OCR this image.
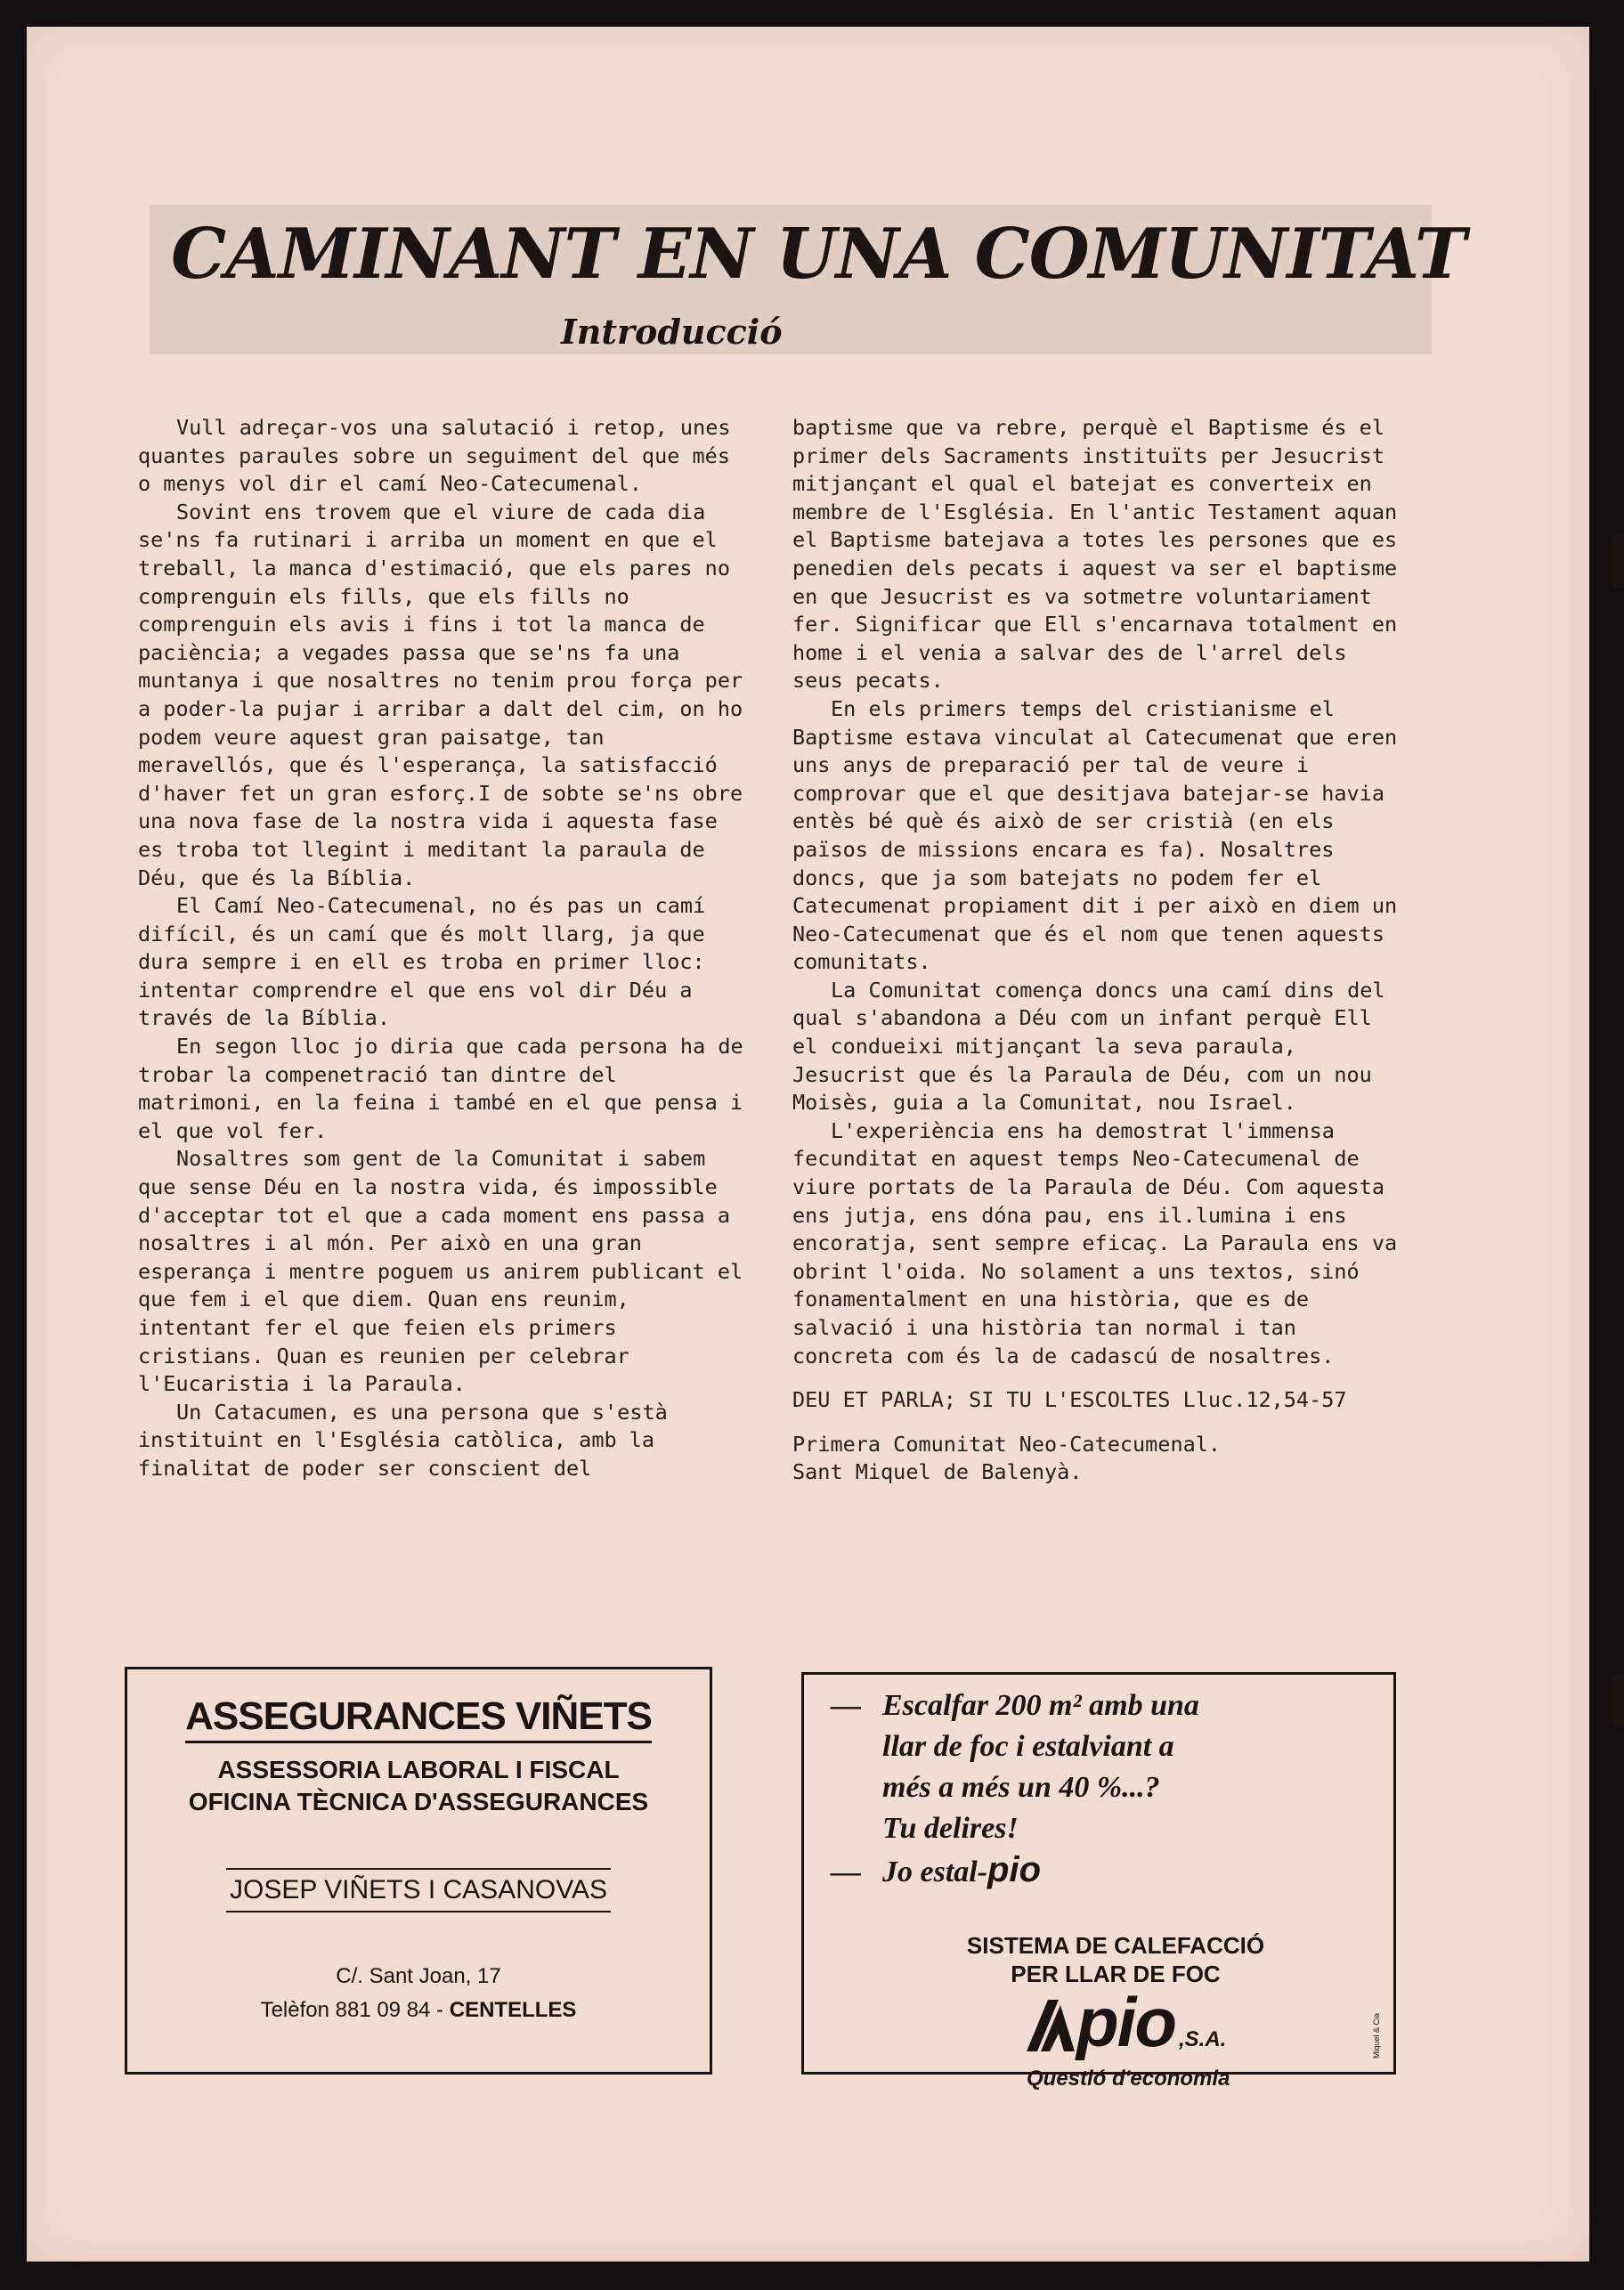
CAMINANT EN UNA COMUNITAT
Introducció

Vull adreçar-vos una salutació i retop, unes quantes paraules sobre un seguiment del que més o menys vol dir el camí Neo-Catecumenal.

Sovint ens trovem que el viure de cada dia se'ns fa rutinari i arriba un moment en que el treball, la manca d'estimació, que els pares no comprenguin els fills, que els fills no comprenguin els avis i fins i tot la manca de paciència; a vegades passa que se'ns fa una muntanya i que nosaltres no tenim prou força per a poder-la pujar i arribar a dalt del cim, on ho podem veure aquest gran paisatge, tan meravellós, que és l'esperança, la satisfacció d'haver fet un gran esforç.I de sobte se'ns obre una nova fase de la nostra vida i aquesta fase es troba tot llegint i meditant la paraula de Déu, que és la Bíblia.

El Camí Neo-Catecumenal, no és pas un camí difícil, és un camí que és molt llarg, ja que dura sempre i en ell es troba en primer lloc: intentar comprendre el que ens vol dir Déu a través de la Bíblia.

En segon lloc jo diria que cada persona ha de trobar la compenetració tan dintre del matrimoni, en la feina i també en el que pensa i el que vol fer.

Nosaltres som gent de la Comunitat i sabem que sense Déu en la nostra vida, és impossible d'acceptar tot el que a cada moment ens passa a nosaltres i al món. Per això en una gran esperança i mentre poguem us anirem publicant el que fem i el que diem. Quan ens reunim, intentant fer el que feien els primers cristians. Quan es reunien per celebrar l'Eucaristia i la Paraula.

Un Catacumen, es una persona que s'està instituint en l'Església catòlica, amb la finalitat de poder ser conscient del

baptisme que va rebre, perquè el Baptisme és el primer dels Sacraments instituïts per Jesucrist mitjançant el qual el batejat es converteix en membre de l'Església. En l'antic Testament aquan el Baptisme batejava a totes les persones que es penedien dels pecats i aquest va ser el baptisme en que Jesucrist es va sotmetre voluntariament fer. Significar que Ell s'encarnava totalment en home i el venia a salvar des de l'arrel dels seus pecats.

En els primers temps del cristianisme el Baptisme estava vinculat al Catecumenat que eren uns anys de preparació per tal de veure i comprovar que el que desitjava batejar-se havia entès bé què és això de ser cristià (en els països de missions encara es fa). Nosaltres doncs, que ja som batejats no podem fer el Catecumenat propiament dit i per això en diem un Neo-Catecumenat que és el nom que tenen aquests comunitats.

La Comunitat comença doncs una camí dins del qual s'abandona a Déu com un infant perquè Ell el condueixi mitjançant la seva paraula, Jesucrist que és la Paraula de Déu, com un nou Moisès, guia a la Comunitat, nou Israel.

L'experiència ens ha demostrat l'immensa fecunditat en aquest temps Neo-Catecumenal de viure portats de la Paraula de Déu. Com aquesta ens jutja, ens dóna pau, ens il.lumina i ens encoratja, sent sempre eficaç. La Paraula ens va obrint l'oida. No solament a uns textos, sinó fonamentalment en una història, que es de salvació i una història tan normal i tan concreta com és la de cadascú de nosaltres.

DEU ET PARLA; SI TU L'ESCOLTES Lluc.12,54-57

Primera Comunitat Neo-Catecumenal.
Sant Miquel de Balenyà.

ASSEGURANCES VIÑETS
ASSESSORIA LABORAL I FISCAL
OFICINA TÈCNICA D'ASSEGURANCES
JOSEP VIÑETS I CASANOVAS
C/. Sant Joan, 17
Telèfon 881 09 84 - CENTELLES
— Escalfar 200 m² amb una
llar de foc i estalviant a
més a més un 40 %...?
Tu delires!
— Jo estal-pio
SISTEMA DE CALEFACCIÓ
PER LLAR DE FOC
pio ,S.A.
Questió d'economia
Miquel & Cia
